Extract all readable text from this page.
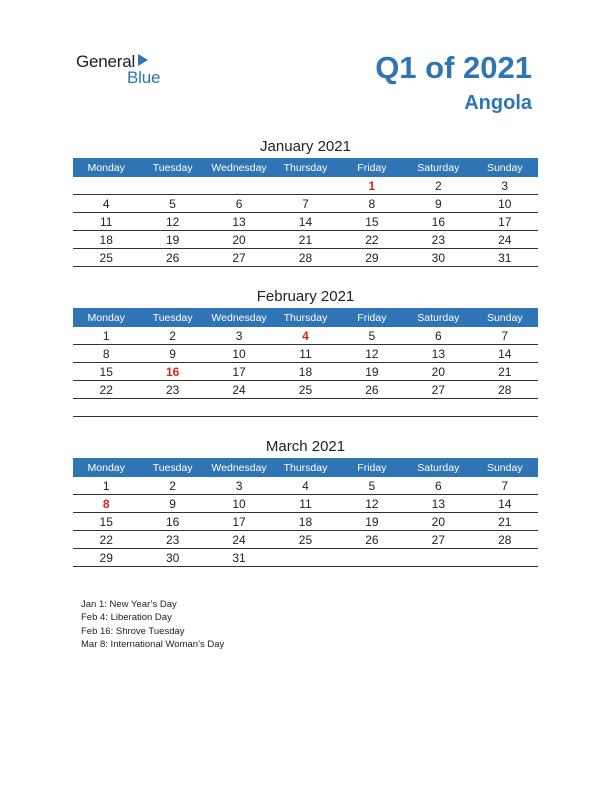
General
Blue	Q1 of 2021
Angola
January 2021
Monday	Tuesday	Wednesday	Thursday	Friday	Saturday	Sunday
				1	2	3
4	5	6	7	8	9	10
11	12	13	14	15	16	17
18	19	20	21	22	23	24
25	26	27	28	29	30	31
February 2021
Monday	Tuesday	Wednesday	Thursday	Friday	Saturday	Sunday
1	2	3	4	5	6	7
8	9	10	11	12	13	14
15	16	17	18	19	20	21
22	23	24	25	26	27	28

March 2021
Monday	Tuesday	Wednesday	Thursday	Friday	Saturday	Sunday
1	2	3	4	5	6	7
8	9	10	11	12	13	14
15	16	17	18	19	20	21
22	23	24	25	26	27	28
29	30	31				
Jan 1: New Year’s Day
Feb 4: Liberation Day
Feb 16: Shrove Tuesday
Mar 8: International Woman’s Day
